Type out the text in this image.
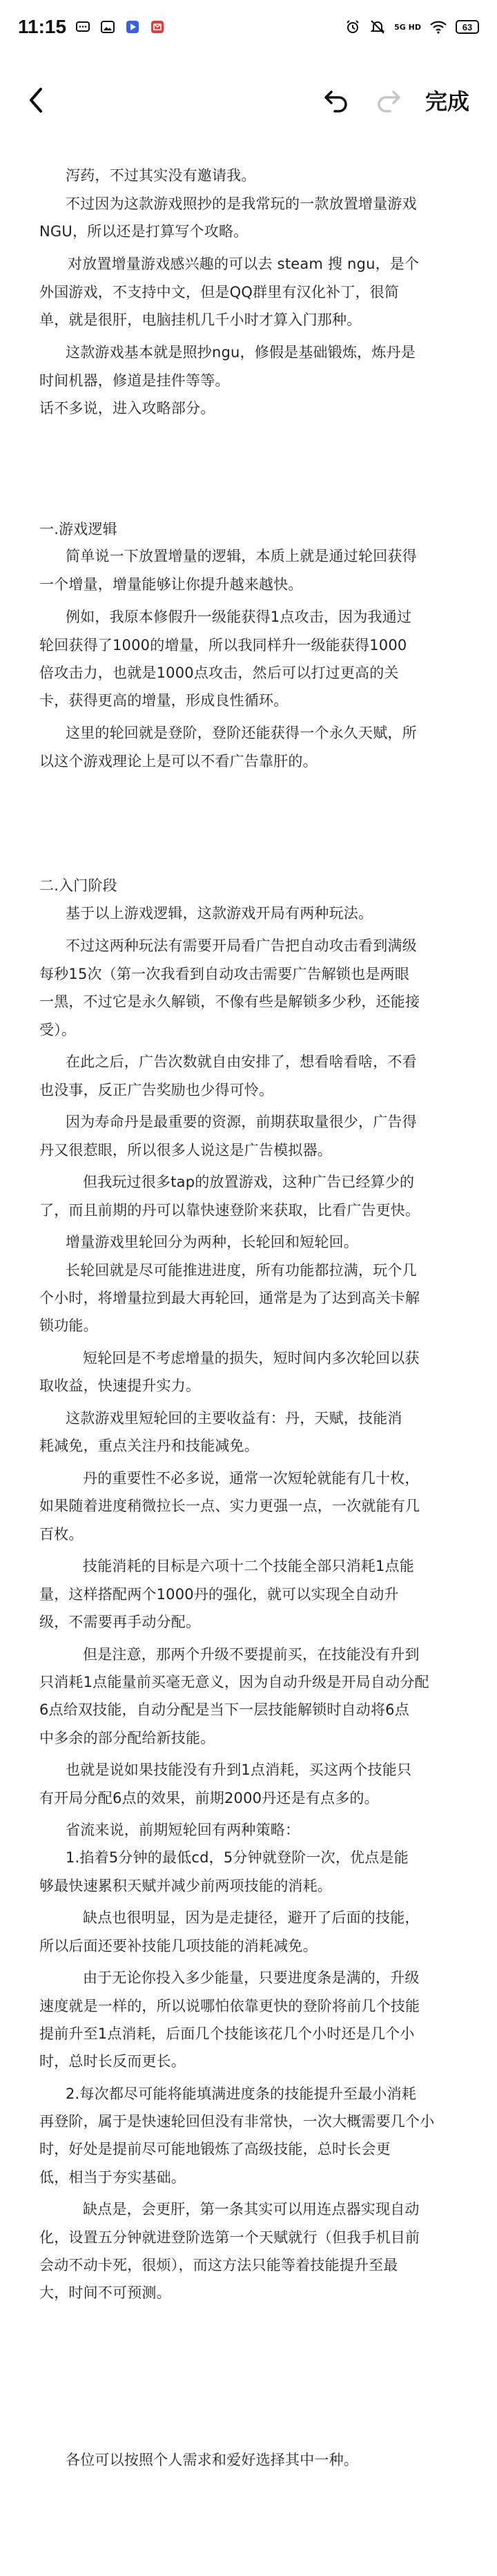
11:15	5G HD	63
完成
泻药，不过其实没有邀请我。
不过因为这款游戏照抄的是我常玩的一款放置增量游戏
NGU，所以还是打算写个攻略。
对放置增量游戏感兴趣的可以去 steam 搜 ngu，是个
外国游戏，不支持中文，但是QQ群里有汉化补丁，很简
单，就是很肝，电脑挂机几千小时才算入门那种。
这款游戏基本就是照抄ngu，修假是基础锻炼，炼丹是
时间机器，修道是挂件等等。
话不多说，进入攻略部分。
一.游戏逻辑
简单说一下放置增量的逻辑，本质上就是通过轮回获得
一个增量，增量能够让你提升越来越快。
例如，我原本修假升一级能获得1点攻击，因为我通过
轮回获得了1000的增量，所以我同样升一级能获得1000
倍攻击力，也就是1000点攻击，然后可以打过更高的关
卡，获得更高的增量，形成良性循环。
这里的轮回就是登阶，登阶还能获得一个永久天赋，所
以这个游戏理论上是可以不看广告靠肝的。
二.入门阶段
基于以上游戏逻辑，这款游戏开局有两种玩法。
不过这两种玩法有需要开局看广告把自动攻击看到满级
每秒15次（第一次我看到自动攻击需要广告解锁也是两眼
一黑，不过它是永久解锁，不像有些是解锁多少秒，还能接
受）。
在此之后，广告次数就自由安排了，想看啥看啥，不看
也没事，反正广告奖励也少得可怜。
因为寿命丹是最重要的资源，前期获取量很少，广告得
丹又很惹眼，所以很多人说这是广告模拟器。
但我玩过很多tap的放置游戏，这种广告已经算少的
了，而且前期的丹可以靠快速登阶来获取，比看广告更快。
增量游戏里轮回分为两种，长轮回和短轮回。
长轮回就是尽可能推进进度，所有功能都拉满，玩个几
个小时，将增量拉到最大再轮回，通常是为了达到高关卡解
锁功能。
短轮回是不考虑增量的损失，短时间内多次轮回以获
取收益，快速提升实力。
这款游戏里短轮回的主要收益有：丹，天赋，技能消
耗减免，重点关注丹和技能减免。
丹的重要性不必多说，通常一次短轮就能有几十枚，
如果随着进度稍微拉长一点、实力更强一点，一次就能有几
百枚。
技能消耗的目标是六项十二个技能全部只消耗1点能
量，这样搭配两个1000丹的强化，就可以实现全自动升
级，不需要再手动分配。
但是注意，那两个升级不要提前买，在技能没有升到
只消耗1点能量前买毫无意义，因为自动升级是开局自动分配
6点给双技能，自动分配是当下一层技能解锁时自动将6点
中多余的部分配给新技能。
也就是说如果技能没有升到1点消耗，买这两个技能只
有开局分配6点的效果，前期2000丹还是有点多的。
省流来说，前期短轮回有两种策略：
1.掐着5分钟的最低cd，5分钟就登阶一次，优点是能
够最快速累积天赋并减少前两项技能的消耗。
缺点也很明显，因为是走捷径，避开了后面的技能，
所以后面还要补技能几项技能的消耗减免。
由于无论你投入多少能量，只要进度条是满的，升级
速度就是一样的，所以说哪怕依靠更快的登阶将前几个技能
提前升至1点消耗，后面几个技能该花几个小时还是几个小
时，总时长反而更长。
2.每次都尽可能将能填满进度条的技能提升至最小消耗
再登阶，属于是快速轮回但没有非常快，一次大概需要几个小
时，好处是提前尽可能地锻炼了高级技能，总时长会更
低，相当于夯实基础。
缺点是，会更肝，第一条其实可以用连点器实现自动
化，设置五分钟就进登阶选第一个天赋就行（但我手机目前
会动不动卡死，很烦），而这方法只能等着技能提升至最
大，时间不可预测。
各位可以按照个人需求和爱好选择其中一种。
